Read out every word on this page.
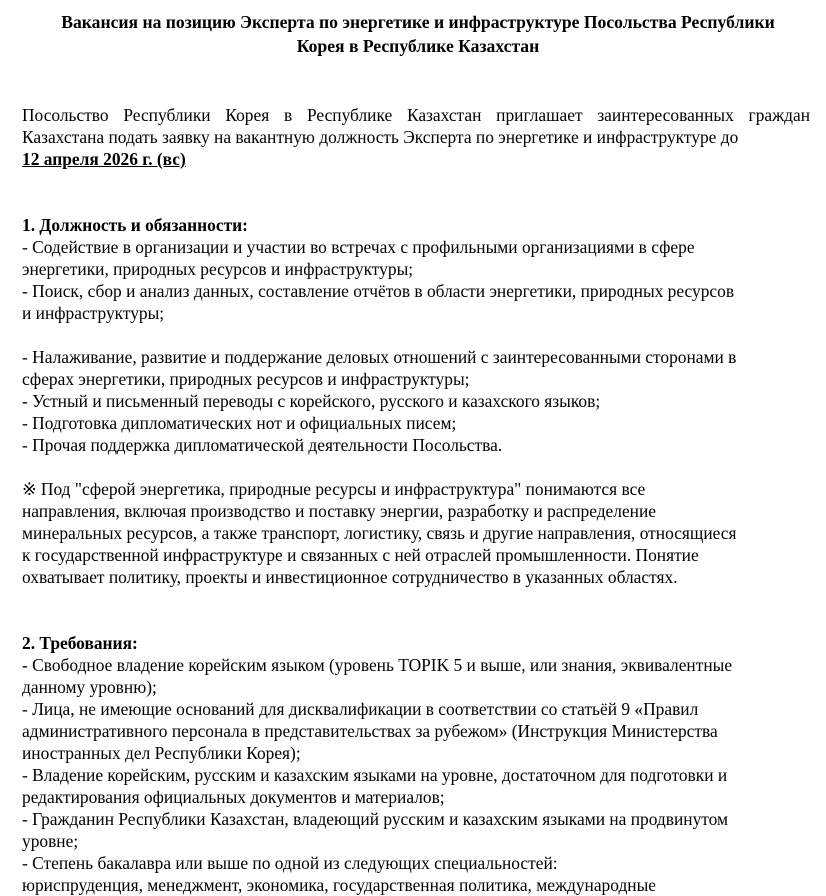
Вакансия на позицию Эксперта по энергетике и инфраструктуре Посольства Республики
Корея в Республике Казахстан
Посольство Республики Корея в Республике Казахстан приглашает заинтересованных граждан
Казахстана подать заявку на вакантную должность Эксперта по энергетике и инфраструктуре до
12 апреля 2026 г. (вс)
1. Должность и обязанности:
- Содействие в организации и участии во встречах с профильными организациями в сфере
энергетики, природных ресурсов и инфраструктуры;
- Поиск, сбор и анализ данных, составление отчётов в области энергетики, природных ресурсов
и инфраструктуры;
- Налаживание, развитие и поддержание деловых отношений с заинтересованными сторонами в
сферах энергетики, природных ресурсов и инфраструктуры;
- Устный и письменный переводы с корейского, русского и казахского языков;
- Подготовка дипломатических нот и официальных писем;
- Прочая поддержка дипломатической деятельности Посольства.
※ Под "сферой энергетика, природные ресурсы и инфраструктура" понимаются все
направления, включая производство и поставку энергии, разработку и распределение
минеральных ресурсов, а также транспорт, логистику, связь и другие направления, относящиеся
к государственной инфраструктуре и связанных с ней отраслей промышленности. Понятие
охватывает политику, проекты и инвестиционное сотрудничество в указанных областях.
2. Требования:
- Свободное владение корейским языком (уровень TOPIK 5 и выше, или знания, эквивалентные
данному уровню);
- Лица, не имеющие оснований для дисквалификации в соответствии со статьёй 9 «Правил
административного персонала в представительствах за рубежом» (Инструкция Министерства
иностранных дел Республики Корея);
- Владение корейским, русским и казахским языками на уровне, достаточном для подготовки и
редактирования официальных документов и материалов;
- Гражданин Республики Казахстан, владеющий русским и казахским языками на продвинутом
уровне;
- Степень бакалавра или выше по одной из следующих специальностей:
юриспруденция, менеджмент, экономика, государственная политика, международные
